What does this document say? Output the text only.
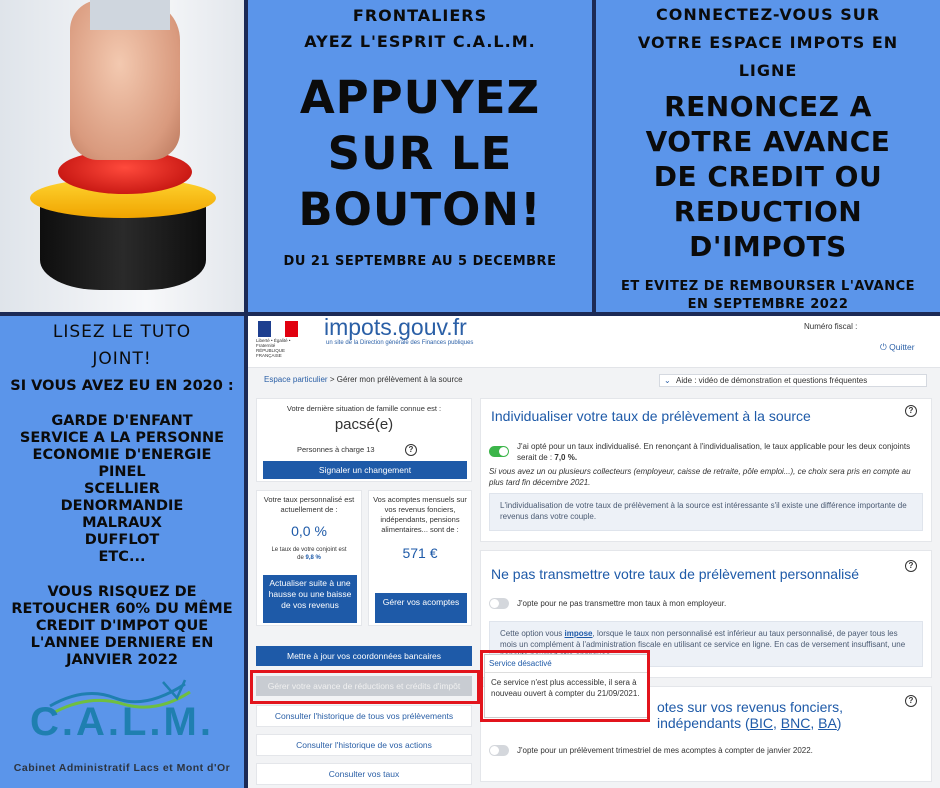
FRONTALIERS
AYEZ L'ESPRIT C.A.L.M.
APPUYEZ
SUR LE
BOUTON!
DU 21 SEPTEMBRE AU 5 DECEMBRE
CONNECTEZ-VOUS SUR
VOTRE ESPACE IMPOTS EN
LIGNE
RENONCEZ A
VOTRE AVANCE
DE CREDIT OU
REDUCTION
D'IMPOTS
ET EVITEZ DE REMBOURSER L'AVANCE
EN SEPTEMBRE 2022
LISEZ LE TUTO
JOINT!
SI VOUS AVEZ EU EN 2020 :
GARDE D'ENFANT
SERVICE A LA PERSONNE
ECONOMIE D'ENERGIE
PINEL
SCELLIER
DENORMANDIE
MALRAUX
DUFFLOT
ETC...
VOUS RISQUEZ DE
RETOUCHER 60% DU MÊME
CREDIT D'IMPOT QUE
L'ANNEE DERNIERE EN
JANVIER 2022
C.A.L.M.
Cabinet Administratif Lacs et Mont d'Or
Liberté • Égalité • Fraternité
RÉPUBLIQUE FRANÇAISE
impots.gouv.fr
un site de la Direction générale des Finances publiques
Numéro fiscal :
⏻ Quitter
Espace particulier > Gérer mon prélèvement à la source	⌄ Aide : vidéo de démonstration et questions fréquentes
Votre dernière situation de famille connue est :
pacsé(e)
Personnes à charge 13	?
Signaler un changement
Votre taux personnalisé est actuellement de :
0,0 %
Le taux de votre conjoint est
de 9,8 %
Actualiser suite à une hausse ou une baisse de vos revenus
Vos acomptes mensuels sur vos revenus fonciers, indépendants, pensions alimentaires... sont de :
571 €
Gérer vos acomptes
Mettre à jour vos coordonnées bancaires
Gérer votre avance de réductions et crédits d'impôt
Consulter l'historique de tous vos prélèvements
Consulter l'historique de vos actions
Consulter vos taux
Individualiser votre taux de prélèvement à la source	?
J'ai opté pour un taux individualisé. En renonçant à l'individualisation, le taux applicable pour les deux conjoints serait de : 7,0 %.
Si vous avez un ou plusieurs collecteurs (employeur, caisse de retraite, pôle emploi...), ce choix sera pris en compte au plus tard fin décembre 2021.
L'individualisation de votre taux de prélèvement à la source est intéressante s'il existe une différence importante de revenus dans votre couple.
Ne pas transmettre votre taux de prélèvement personnalisé
?
J'opte pour ne pas transmettre mon taux à mon employeur.
Cette option vous impose, lorsque le taux non personnalisé est inférieur au taux personnalisé, de payer tous les mois un complément à l'administration fiscale en utilisant ce service en ligne. En cas de versement insuffisant, une
otes sur vos revenus fonciers,
indépendants (BIC, BNC, BA)
?
J'opte pour un prélèvement trimestriel de mes acomptes à compter de janvier 2022.
Service désactivé
Ce service n'est plus accessible, il sera à nouveau ouvert à compter du 21/09/2021.
